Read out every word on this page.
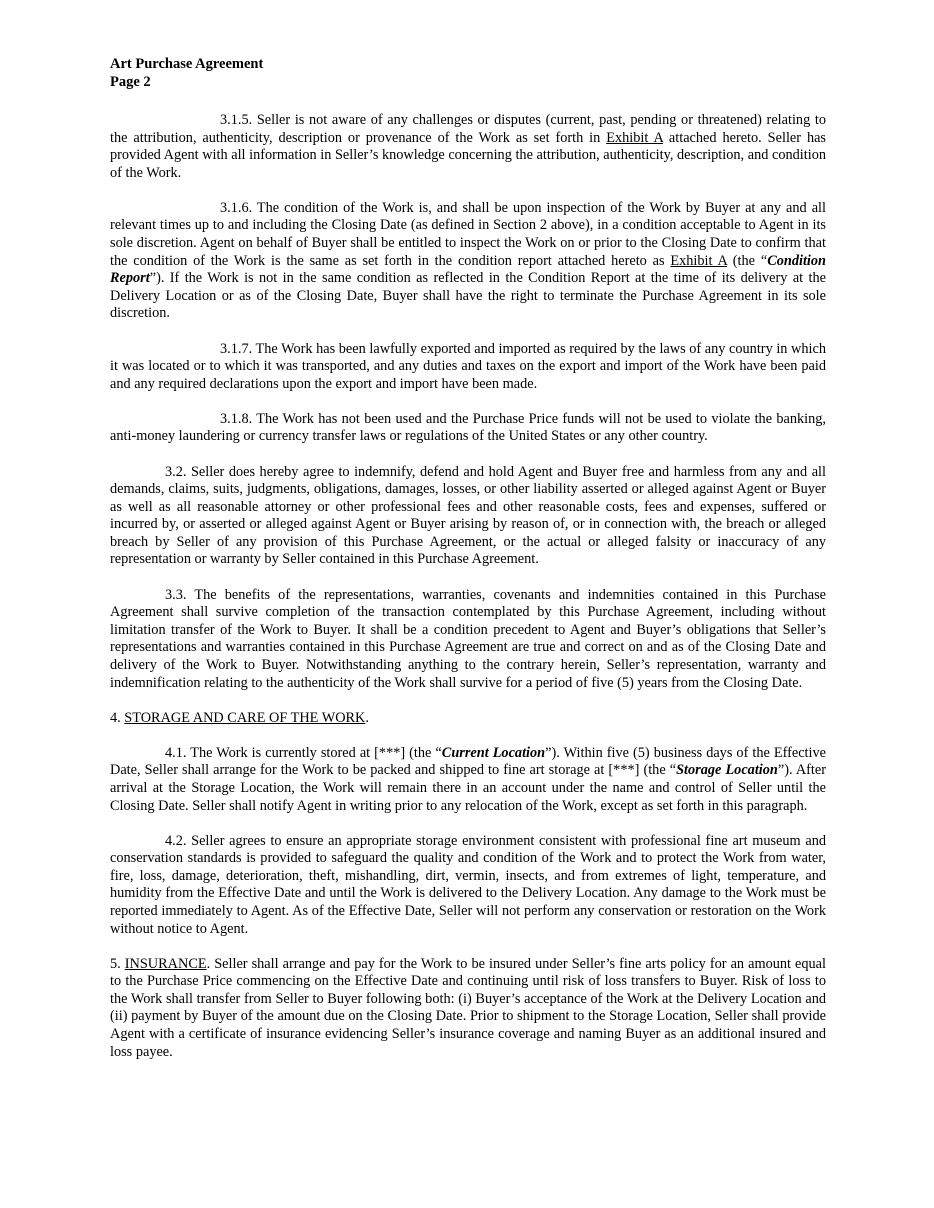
Art Purchase Agreement
Page 2

3.1.5. Seller is not aware of any challenges or disputes (current, past, pending or threatened) relating to the attribution, authenticity, description or provenance of the Work as set forth in Exhibit A attached hereto. Seller has provided Agent with all information in Seller’s knowledge concerning the attribution, authenticity, description, and condition of the Work.

3.1.6. The condition of the Work is, and shall be upon inspection of the Work by Buyer at any and all relevant times up to and including the Closing Date (as defined in Section 2 above), in a condition acceptable to Agent in its sole discretion. Agent on behalf of Buyer shall be entitled to inspect the Work on or prior to the Closing Date to confirm that the condition of the Work is the same as set forth in the condition report attached hereto as Exhibit A (the “Condition Report”). If the Work is not in the same condition as reflected in the Condition Report at the time of its delivery at the Delivery Location or as of the Closing Date, Buyer shall have the right to terminate the Purchase Agreement in its sole discretion.

3.1.7. The Work has been lawfully exported and imported as required by the laws of any country in which it was located or to which it was transported, and any duties and taxes on the export and import of the Work have been paid and any required declarations upon the export and import have been made.

3.1.8. The Work has not been used and the Purchase Price funds will not be used to violate the banking, anti-money laundering or currency transfer laws or regulations of the United States or any other country.

3.2. Seller does hereby agree to indemnify, defend and hold Agent and Buyer free and harmless from any and all demands, claims, suits, judgments, obligations, damages, losses, or other liability asserted or alleged against Agent or Buyer as well as all reasonable attorney or other professional fees and other reasonable costs, fees and expenses, suffered or incurred by, or asserted or alleged against Agent or Buyer arising by reason of, or in connection with, the breach or alleged breach by Seller of any provision of this Purchase Agreement, or the actual or alleged falsity or inaccuracy of any representation or warranty by Seller contained in this Purchase Agreement.

3.3. The benefits of the representations, warranties, covenants and indemnities contained in this Purchase Agreement shall survive completion of the transaction contemplated by this Purchase Agreement, including without limitation transfer of the Work to Buyer. It shall be a condition precedent to Agent and Buyer’s obligations that Seller’s representations and warranties contained in this Purchase Agreement are true and correct on and as of the Closing Date and delivery of the Work to Buyer. Notwithstanding anything to the contrary herein, Seller’s representation, warranty and indemnification relating to the authenticity of the Work shall survive for a period of five (5) years from the Closing Date.

4. STORAGE AND CARE OF THE WORK.

4.1. The Work is currently stored at [***] (the “Current Location”). Within five (5) business days of the Effective Date, Seller shall arrange for the Work to be packed and shipped to fine art storage at [***] (the “Storage Location”). After arrival at the Storage Location, the Work will remain there in an account under the name and control of Seller until the Closing Date. Seller shall notify Agent in writing prior to any relocation of the Work, except as set forth in this paragraph.

4.2. Seller agrees to ensure an appropriate storage environment consistent with professional fine art museum and conservation standards is provided to safeguard the quality and condition of the Work and to protect the Work from water, fire, loss, damage, deterioration, theft, mishandling, dirt, vermin, insects, and from extremes of light, temperature, and humidity from the Effective Date and until the Work is delivered to the Delivery Location. Any damage to the Work must be reported immediately to Agent. As of the Effective Date, Seller will not perform any conservation or restoration on the Work without notice to Agent.

5. INSURANCE. Seller shall arrange and pay for the Work to be insured under Seller’s fine arts policy for an amount equal to the Purchase Price commencing on the Effective Date and continuing until risk of loss transfers to Buyer. Risk of loss to the Work shall transfer from Seller to Buyer following both: (i) Buyer’s acceptance of the Work at the Delivery Location and (ii) payment by Buyer of the amount due on the Closing Date. Prior to shipment to the Storage Location, Seller shall provide Agent with a certificate of insurance evidencing Seller’s insurance coverage and naming Buyer as an additional insured and loss payee.
